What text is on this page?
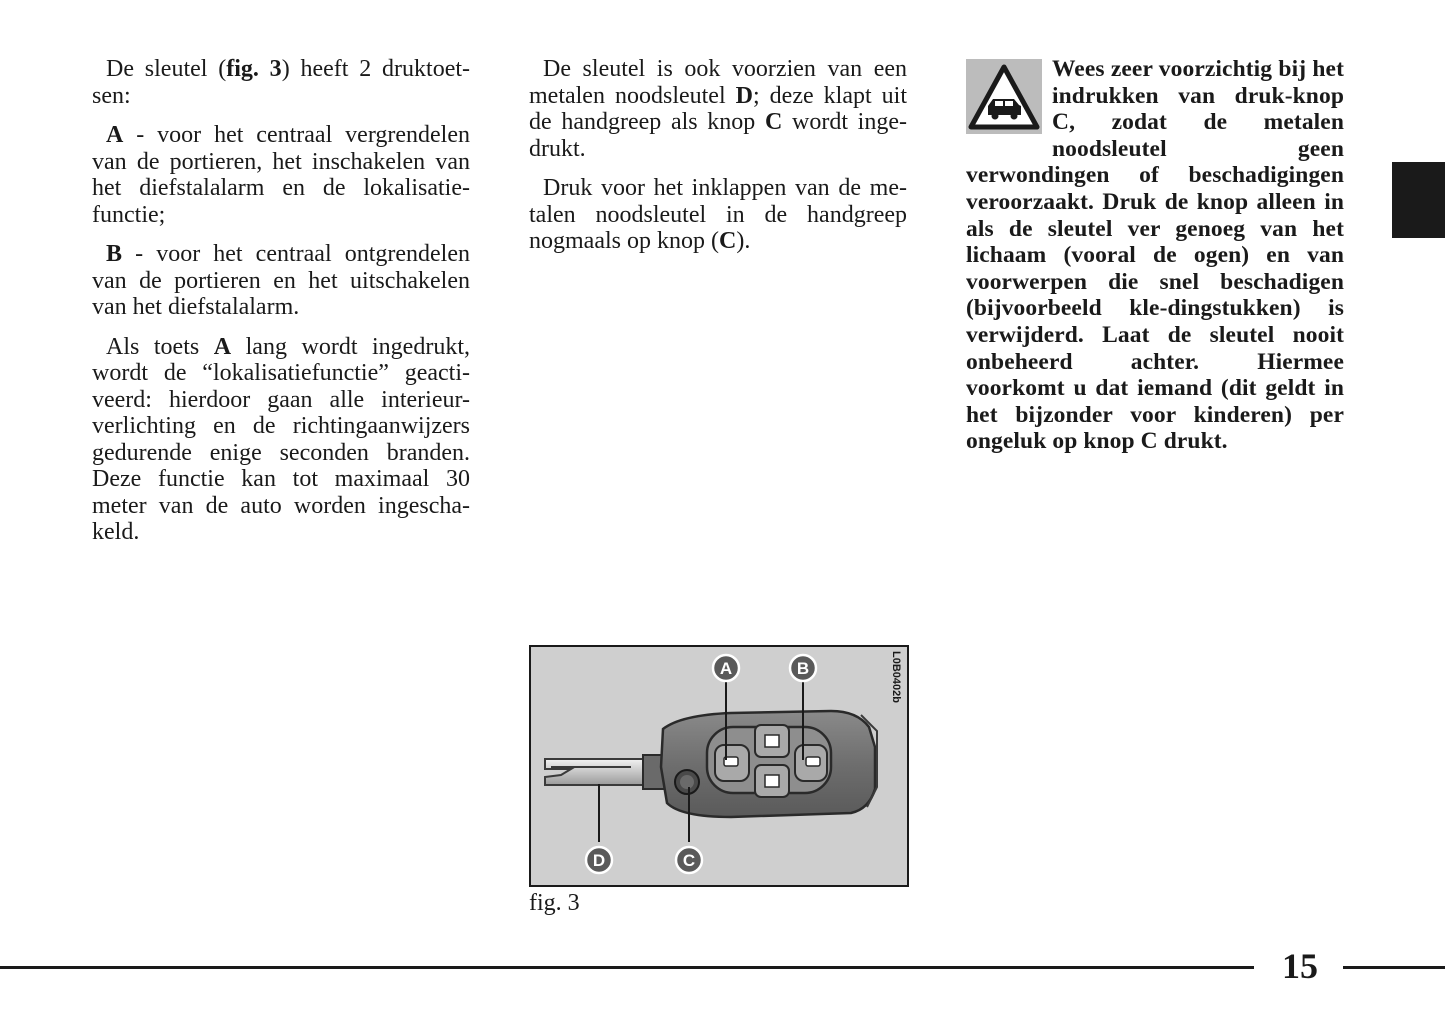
De sleutel (fig. 3) heeft 2 druktoet-sen:

A - voor het centraal vergrendelen van de portieren, het inschakelen van het diefstalalarm en de lokalisatie-functie;

B - voor het centraal ontgrendelen van de portieren en het uitschakelen van het diefstalalarm.

Als toets A lang wordt ingedrukt, wordt de “lokalisatiefunctie” geacti-veerd: hierdoor gaan alle interieur-verlichting en de richtingaanwijzers gedurende enige seconden branden. Deze functie kan tot maximaal 30 meter van de auto worden ingescha-keld.

De sleutel is ook voorzien van een metalen noodsleutel D; deze klapt uit de handgreep als knop C wordt inge-drukt.

Druk voor het inklappen van de me-talen noodsleutel in de handgreep nogmaals op knop (C).

Wees zeer voorzichtig bij het indrukken van druk-knop C, zodat de metalen noodsleutel geen verwondingen of beschadigingen veroorzaakt. Druk de knop alleen in als de sleutel ver genoeg van het lichaam (vooral de ogen) en van voorwerpen die snel beschadigen (bijvoorbeeld kle-dingstukken) is verwijderd. Laat de sleutel nooit onbeheerd achter. Hiermee voorkomt u dat iemand (dit geldt in het bijzonder voor kinderen) per ongeluk op knop C drukt.

A	B
C
D
L0B0402b
fig. 3
15
